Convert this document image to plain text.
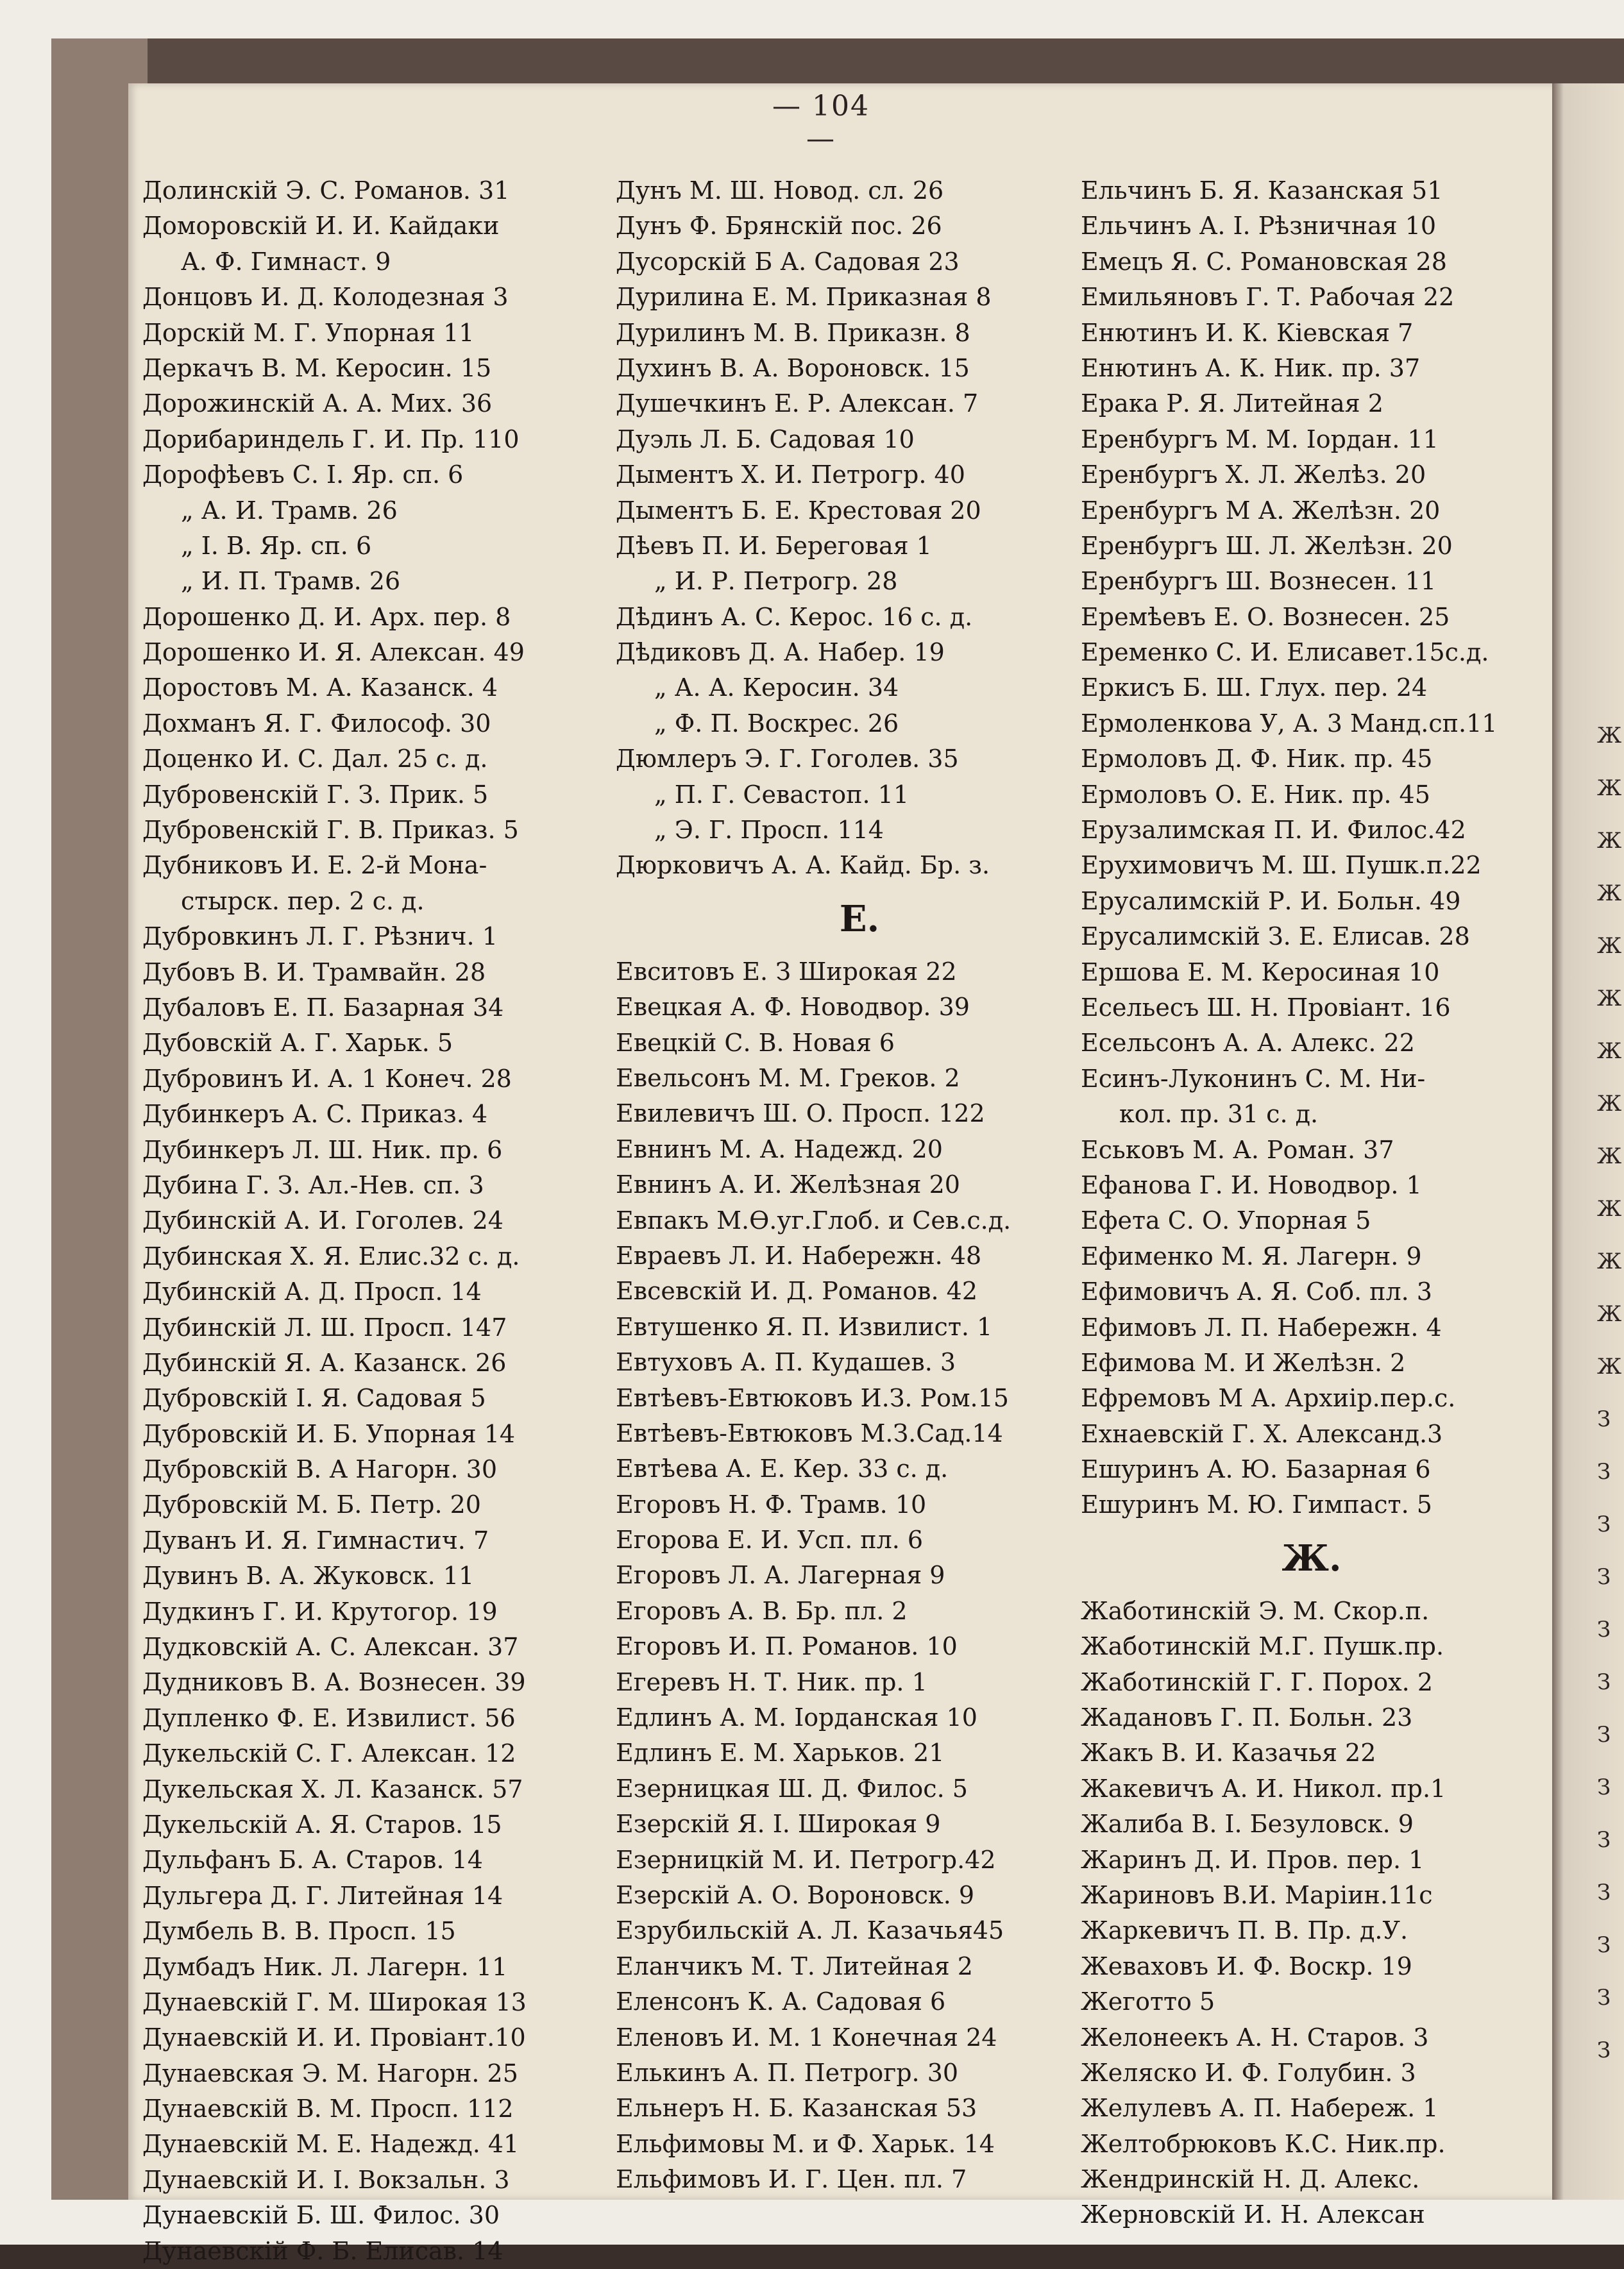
— 104 —
Долинскій Э. С. Романов. 31
Доморовскій И. И. Кайдаки
А. Ф. Гимнаст. 9
Донцовъ И. Д. Колодезная 3
Дорскій М. Г. Упорная 11
Деркачъ В. М. Керосин. 15
Дорожинскій А. А. Мих. 36
Дорибариндель Г. И. Пр. 110
Дорофѣевъ С. І. Яр. сп. 6
„ А. И. Трамв. 26
„ І. В. Яр. сп. 6
„ И. П. Трамв. 26
Дорошенко Д. И. Арх. пер. 8
Дорошенко И. Я. Алексан. 49
Доростовъ М. А. Казанск. 4
Дохманъ Я. Г. Философ. 30
Доценко И. С. Дал. 25 с. д.
Дубровенскій Г. З. Прик. 5
Дубровенскій Г. В. Приказ. 5
Дубниковъ И. Е. 2-й Мона-
стырск. пер. 2 с. д.
Дубровкинъ Л. Г. Рѣзнич. 1
Дубовъ В. И. Трамвайн. 28
Дубаловъ Е. П. Базарная 34
Дубовскій А. Г. Харьк. 5
Дубровинъ И. А. 1 Конеч. 28
Дубинкеръ А. С. Приказ. 4
Дубинкеръ Л. Ш. Ник. пр. 6
Дубина Г. З. Ал.-Нев. сп. 3
Дубинскій А. И. Гоголев. 24
Дубинская Х. Я. Елис.32 с. д.
Дубинскій А. Д. Просп. 14
Дубинскій Л. Ш. Просп. 147
Дубинскій Я. А. Казанск. 26
Дубровскій І. Я. Садовая 5
Дубровскій И. Б. Упорная 14
Дубровскій В. А Нагорн. 30
Дубровскій М. Б. Петр. 20
Дуванъ И. Я. Гимнастич. 7
Дувинъ В. А. Жуковск. 11
Дудкинъ Г. И. Крутогор. 19
Дудковскій А. С. Алексан. 37
Дудниковъ В. А. Вознесен. 39
Дупленко Ф. Е. Извилист. 56
Дукельскій С. Г. Алексан. 12
Дукельская Х. Л. Казанск. 57
Дукельскій А. Я. Старов. 15
Дульфанъ Б. А. Старов. 14
Дульгера Д. Г. Литейная 14
Думбель В. В. Просп. 15
Думбадъ Ник. Л. Лагерн. 11
Дунаевскій Г. М. Широкая 13
Дунаевскій И. И. Провіант.10
Дунаевская Э. М. Нагорн. 25
Дунаевскій В. М. Просп. 112
Дунаевскій М. Е. Надежд. 41
Дунаевскій И. І. Вокзальн. 3
Дунаевскій Б. Ш. Филос. 30
Дунаевскій Ф. Б. Елисав. 14
Дунъ М. Ш. Новод. сл. 26
Дунъ Ф. Брянскій пос. 26
Дусорскій Б А. Садовая 23
Дурилина Е. М. Приказная 8
Дурилинъ М. В. Приказн. 8
Духинъ В. А. Вороновск. 15
Душечкинъ Е. Р. Алексан. 7
Дуэль Л. Б. Садовая 10
Дыментъ Х. И. Петрогр. 40
Дыментъ Б. Е. Крестовая 20
Дѣевъ П. И. Береговая 1
„ И. Р. Петрогр. 28
Дѣдинъ А. С. Керос. 16 с. д.
Дѣдиковъ Д. А. Набер. 19
„ А. А. Керосин. 34
„ Ф. П. Воскрес. 26
Дюмлеръ Э. Г. Гоголев. 35
„ П. Г. Севастоп. 11
„ Э. Г. Просп. 114
Дюрковичъ А. А. Кайд. Бр. з.
Е.
Евситовъ Е. З Широкая 22
Евецкая А. Ф. Новодвор. 39
Евецкій С. В. Новая 6
Евельсонъ М. М. Греков. 2
Евилевичъ Ш. О. Просп. 122
Евнинъ М. А. Надежд. 20
Евнинъ А. И. Желѣзная 20
Евпакъ М.Ѳ.уг.Глоб. и Сев.с.д.
Евраевъ Л. И. Набережн. 48
Евсевскій И. Д. Романов. 42
Евтушенко Я. П. Извилист. 1
Евтуховъ А. П. Кудашев. 3
Евтѣевъ-Евтюковъ И.З. Ром.15
Евтѣевъ-Евтюковъ М.З.Сад.14
Евтѣева А. Е. Кер. 33 с. д.
Егоровъ Н. Ф. Трамв. 10
Егорова Е. И. Усп. пл. 6
Егоровъ Л. А. Лагерная 9
Егоровъ А. В. Бр. пл. 2
Егоровъ И. П. Романов. 10
Егеревъ Н. Т. Ник. пр. 1
Едлинъ А. М. Іорданская 10
Едлинъ Е. М. Харьков. 21
Езерницкая Ш. Д. Филос. 5
Езерскій Я. І. Широкая 9
Езерницкій М. И. Петрогр.42
Езерскій А. О. Вороновск. 9
Езрубильскій А. Л. Казачья45
Еланчикъ М. Т. Литейная 2
Еленсонъ К. А. Садовая 6
Еленовъ И. М. 1 Конечная 24
Елькинъ А. П. Петрогр. 30
Ельнеръ Н. Б. Казанская 53
Ельфимовы М. и Ф. Харьк. 14
Ельфимовъ И. Г. Цен. пл. 7
Ельчинъ Б. Я. Казанская 51
Ельчинъ А. І. Рѣзничная 10
Емецъ Я. С. Романовская 28
Емильяновъ Г. Т. Рабочая 22
Енютинъ И. К. Кіевская 7
Енютинъ А. К. Ник. пр. 37
Ерака Р. Я. Литейная 2
Еренбургъ М. М. Іордан. 11
Еренбургъ Х. Л. Желѣз. 20
Еренбургъ М А. Желѣзн. 20
Еренбургъ Ш. Л. Желѣзн. 20
Еренбургъ Ш. Вознесен. 11
Еремѣевъ Е. О. Вознесен. 25
Еременко С. И. Елисавет.15с.д.
Еркисъ Б. Ш. Глух. пер. 24
Ермоленкова У, А. 3 Манд.сп.11
Ермоловъ Д. Ф. Ник. пр. 45
Ермоловъ О. Е. Ник. пр. 45
Ерузалимская П. И. Филос.42
Ерухимовичъ М. Ш. Пушк.п.22
Ерусалимскій Р. И. Больн. 49
Ерусалимскій З. Е. Елисав. 28
Ершова Е. М. Керосиная 10
Есельесъ Ш. Н. Провіант. 16
Есельсонъ А. А. Алекс. 22
Есинъ-Луконинъ С. М. Ни-
кол. пр. 31 с. д.
Еськовъ М. А. Роман. 37
Ефанова Г. И. Новодвор. 1
Ефета С. О. Упорная 5
Ефименко М. Я. Лагерн. 9
Ефимовичъ А. Я. Соб. пл. 3
Ефимовъ Л. П. Набережн. 4
Ефимова М. И Желѣзн. 2
Ефремовъ М А. Архиір.пер.с.
Ехнаевскій Г. Х. Александ.3
Ешуринъ А. Ю. Базарная 6
Ешуринъ М. Ю. Гимпаст. 5
Ж.
Жаботинскій Э. М. Скор.п.
Жаботинскій М.Г. Пушк.пр.
Жаботинскій Г. Г. Порох. 2
Жадановъ Г. П. Больн. 23
Жакъ В. И. Казачья 22
Жакевичъ А. И. Никол. пр.1
Жалиба В. І. Безуловск. 9
Жаринъ Д. И. Пров. пер. 1
Жариновъ В.И. Маріин.11с
Жаркевичъ П. В. Пр. д.У.
Жеваховъ И. Ф. Воскр. 19
Жеготто 5
Желонеекъ А. Н. Старов. 3
Желяско И. Ф. Голубин. 3
Желулевъ А. П. Набереж. 1
Желтобрюковъ К.С. Ник.пр.
Жендринскій Н. Д. Алекс.
Жерновскій И. Н. Алексан
Ж
Ж
Ж
Ж
Ж
Ж
Ж
Ж
Ж
Ж
Ж
Ж
Ж
З
З
З
З
З
З
З
З
З
З
З
З
З
